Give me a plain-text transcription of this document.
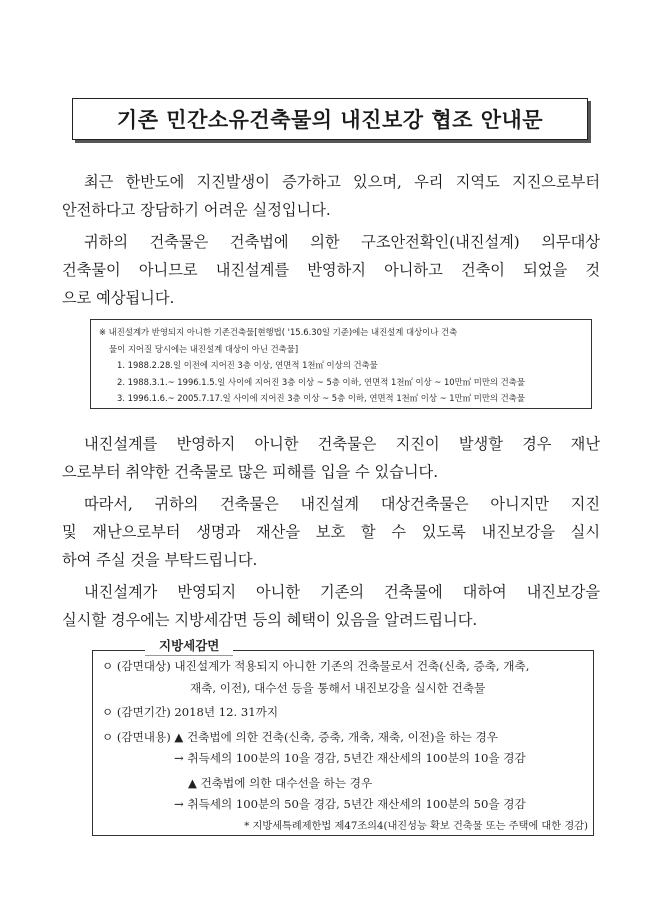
기존 민간소유건축물의 내진보강 협조 안내문

최근 한반도에 지진발생이 증가하고 있으며, 우리 지역도 지진으로부터
안전하다고 장담하기 어려운 실정입니다.

귀하의 건축물은 건축법에 의한 구조안전확인(내진설계) 의무대상
건축물이 아니므로 내진설계를 반영하지 아니하고 건축이 되었을 것
으로 예상됩니다.

※ 내진설계가 반영되지 아니한 기존건축물[현행법( '15.6.30일 기준)에는 내진설계 대상이나 건축
물이 지어질 당시에는 내진설계 대상이 아닌 건축물]
1. 1988.2.28.일 이전에 지어진 3층 이상, 연면적 1천㎡ 이상의 건축물
2. 1988.3.1.~ 1996.1.5.일 사이에 지어진 3층 이상 ~ 5층 이하, 연면적 1천㎡ 이상 ~ 10만㎡ 미만의 건축물
3. 1996.1.6.~ 2005.7.17.일 사이에 지어진 3층 이상 ~ 5층 이하, 연면적 1천㎡ 이상 ~ 1만㎡ 미만의 건축물

내진설계를 반영하지 아니한 건축물은 지진이 발생할 경우 재난
으로부터 취약한 건축물로 많은 피해를 입을 수 있습니다.

따라서, 귀하의 건축물은 내진설계 대상건축물은 아니지만 지진
및 재난으로부터 생명과 재산을 보호 할 수 있도록 내진보강을 실시
하여 주실 것을 부탁드립니다.

내진설계가 반영되지 아니한 기존의 건축물에 대하여 내진보강을
실시할 경우에는 지방세감면 등의 혜택이 있음을 알려드립니다.

지방세감면
ㅇ (감면대상) 내진설계가 적용되지 아니한 기존의 건축물로서 건축(신축, 증축, 개축,
재축, 이전), 대수선 등을 통해서 내진보강을 실시한 건축물
ㅇ (감면기간) 2018년 12. 31까지
ㅇ (감면내용) ▲ 건축법에 의한 건축(신축, 증축, 개축, 재축, 이전)을 하는 경우
→ 취득세의 100분의 10을 경감, 5년간 재산세의 100분의 10을 경감
▲ 건축법에 의한 대수선을 하는 경우
→ 취득세의 100분의 50을 경감, 5년간 재산세의 100분의 50을 경감
* 지방세특례제한법 제47조의4(내진성능 확보 건축물 또는 주택에 대한 경감)
